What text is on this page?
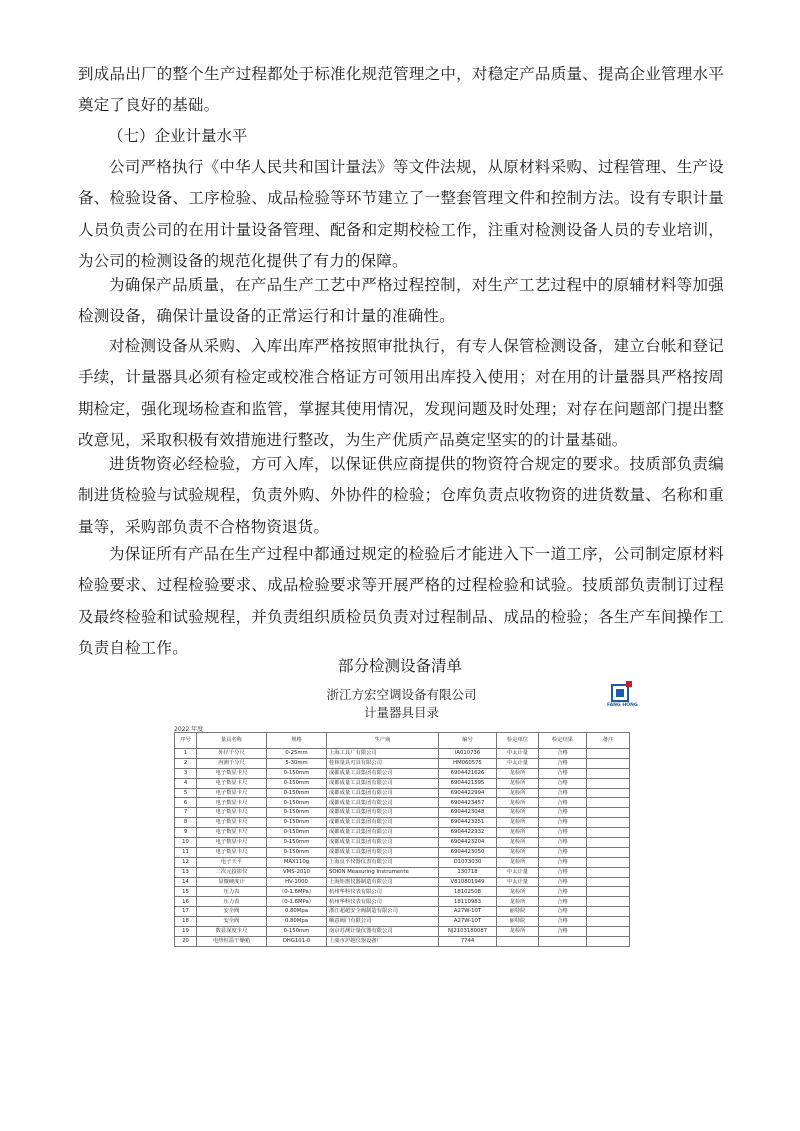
到成品出厂的整个生产过程都处于标准化规范管理之中，对稳定产品质量、提高企业管理水平奠定了良好的基础。

（七）企业计量水平

公司严格执行《中华人民共和国计量法》等文件法规，从原材料采购、过程管理、生产设备、检验设备、工序检验、成品检验等环节建立了一整套管理文件和控制方法。设有专职计量人员负责公司的在用计量设备管理、配备和定期校检工作，注重对检测设备人员的专业培训，为公司的检测设备的规范化提供了有力的保障。

为确保产品质量，在产品生产工艺中严格过程控制，对生产工艺过程中的原辅材料等加强检测设备，确保计量设备的正常运行和计量的准确性。

对检测设备从采购、入库出库严格按照审批执行，有专人保管检测设备，建立台帐和登记手续，计量器具必须有检定或校准合格证方可领用出库投入使用；对在用的计量器具严格按周期检定，强化现场检查和监管，掌握其使用情况，发现问题及时处理；对存在问题部门提出整改意见，采取积极有效措施进行整改，为生产优质产品奠定坚实的的计量基础。

进货物资必经检验，方可入库，以保证供应商提供的物资符合规定的要求。技质部负责编制进货检验与试验规程，负责外购、外协件的检验；仓库负责点收物资的进货数量、名称和重量等，采购部负责不合格物资退货。

为保证所有产品在生产过程中都通过规定的检验后才能进入下一道工序，公司制定原材料检验要求、过程检验要求、成品检验要求等开展严格的过程检验和试验。技质部负责制订过程及最终检验和试验规程，并负责组织质检员负责对过程制品、成品的检验；各生产车间操作工负责自检工作。

部分检测设备清单

浙江方宏空调设备有限公司
计量器具目录	FANG HONG
2022 年度
序号	量具名称	规格	生产商	编号	检定单位	检定结果	备注
1	外径千分尺	0-25mm	上海工具厂有限公司	IA010736	中太计量	合格	
2	内测千分尺	5-30mm	桂林量具刃具有限公司	HM060575	中太计量	合格	
3	电子数显卡尺	0-150mm	成都成量工具集团有限公司	6904421626	龙检所	合格	
4	电子数显卡尺	0-150mm	成都成量工具集团有限公司	6904421595	龙检所	合格	
5	电子数显卡尺	0-150mm	成都成量工具集团有限公司	6904422994	龙检所	合格	
6	电子数显卡尺	0-150mm	成都成量工具集团有限公司	6904423457	龙检所	合格	
7	电子数显卡尺	0-150mm	成都成量工具集团有限公司	6904423048	龙检所	合格	
8	电子数显卡尺	0-150mm	成都成量工具集团有限公司	6904423251	龙检所	合格	
9	电子数显卡尺	0-150mm	成都成量工具集团有限公司	6904422932	龙检所	合格	
10	电子数显卡尺	0-150mm	成都成量工具集团有限公司	6904423204	龙检所	合格	
11	电子数显卡尺	0-150mm	成都成量工具集团有限公司	6904423050	龙检所	合格	
12	电子天平	MAX110g	上海良平仪器仪表有限公司	D1073030	龙检所	合格	
13	二次元投影仪	VMS-2010	SOKIN Measuring Instrumente	130718	中太计量	合格	
14	显微硬度计	HV-1000	上海矩惠仪器制造有限公司	V810801949	中太计量	合格	
15	压力表	（0-1.6MPa）	杭州华科仪表有限公司	18102508	龙检所	合格	
16	压力表	（0-1.6MPa）	杭州华科仪表有限公司	18110983	龙检所	合格	
17	安全阀	0.80Mpa	浙江超超安全阀制造有限公司	A27W-10T	丽特院	合格	
18	安全阀	0.80Mpa	顺意阀门有限公司	A27W-10T	丽特院	合格	
19	数显深度卡尺	0-150mm	南京苏测计量仪器有限公司	NJ2103180087	龙检所	合格	
20	电热恒温干燥箱	DHG101-0	上虞市沪越仪器设备厂	7744			
